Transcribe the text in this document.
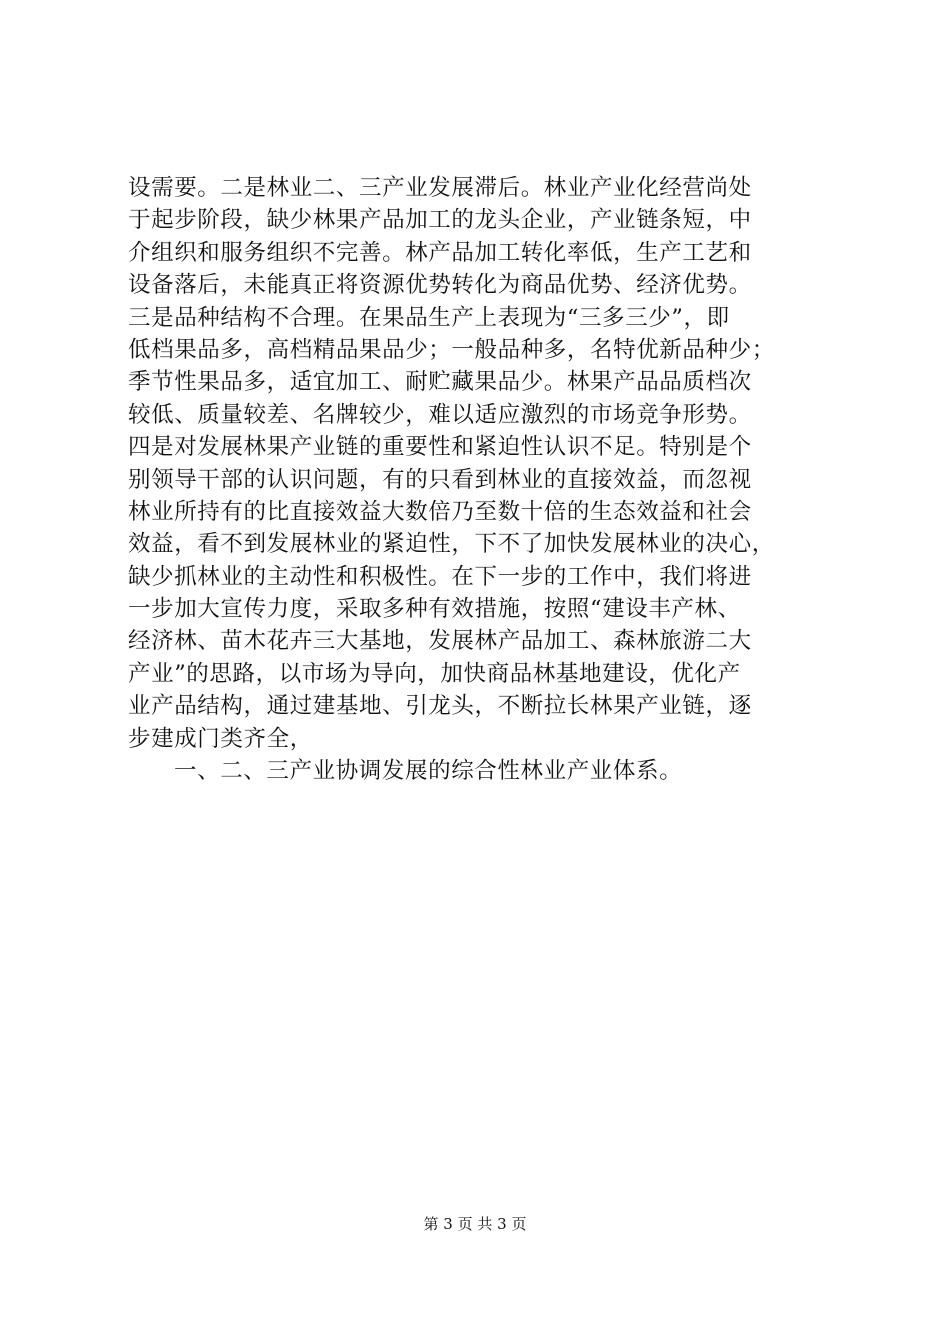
设需要。二是林业二、三产业发展滞后。林业产业化经营尚处
于起步阶段，缺少林果产品加工的龙头企业，产业链条短，中
介组织和服务组织不完善。林产品加工转化率低，生产工艺和
设备落后，未能真正将资源优势转化为商品优势、经济优势。
三是品种结构不合理。在果品生产上表现为“三多三少”，即
低档果品多，高档精品果品少；一般品种多，名特优新品种少；
季节性果品多，适宜加工、耐贮藏果品少。林果产品品质档次
较低、质量较差、名牌较少，难以适应激烈的市场竞争形势。
四是对发展林果产业链的重要性和紧迫性认识不足。特别是个
别领导干部的认识问题，有的只看到林业的直接效益，而忽视
林业所持有的比直接效益大数倍乃至数十倍的生态效益和社会
效益，看不到发展林业的紧迫性，下不了加快发展林业的决心，
缺少抓林业的主动性和积极性。在下一步的工作中，我们将进
一步加大宣传力度，采取多种有效措施，按照“建设丰产林、
经济林、苗木花卉三大基地，发展林产品加工、森林旅游二大
产业”的思路，以市场为导向，加快商品林基地建设，优化产
业产品结构，通过建基地、引龙头，不断拉长林果产业链，逐
步建成门类齐全，
一、二、三产业协调发展的综合性林业产业体系。
第 3 页 共 3 页
